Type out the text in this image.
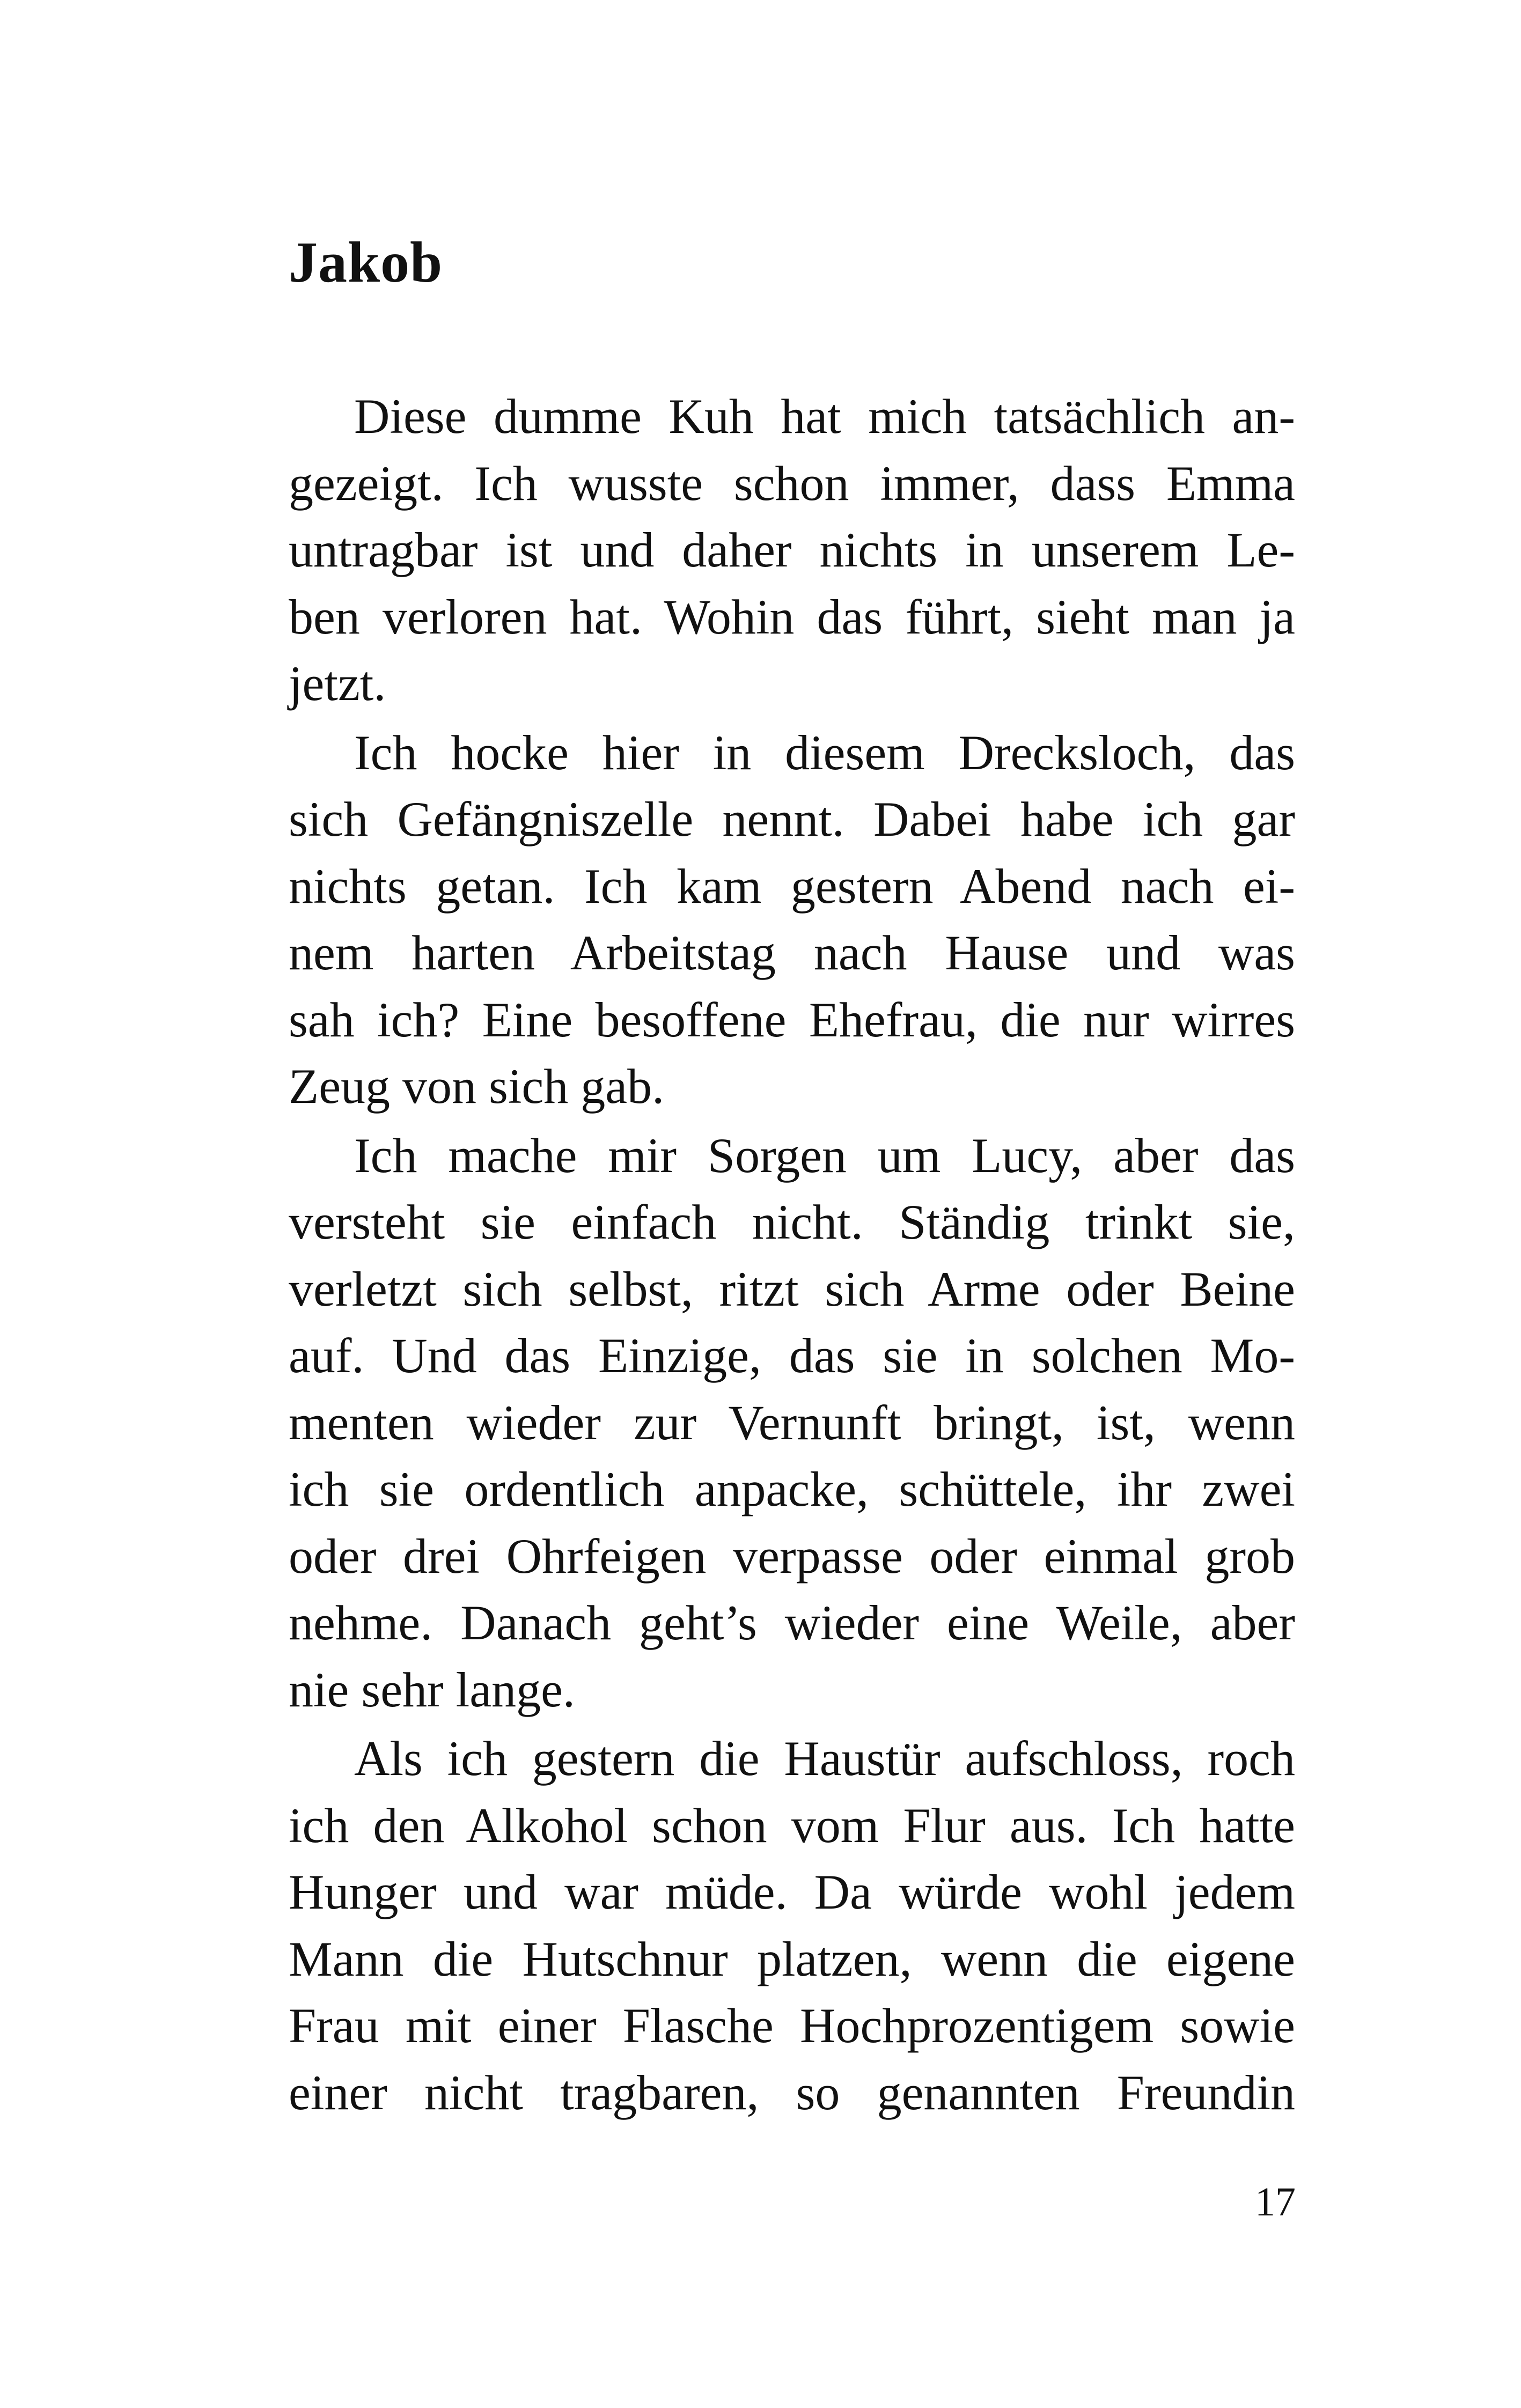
Jakob
Diese dumme Kuh hat mich tatsächlich an-
gezeigt. Ich wusste schon immer, dass Emma
untragbar ist und daher nichts in unserem Le-
ben verloren hat. Wohin das führt, sieht man ja
jetzt.
Ich hocke hier in diesem Drecksloch, das
sich Gefängniszelle nennt. Dabei habe ich gar
nichts getan. Ich kam gestern Abend nach ei-
nem harten Arbeitstag nach Hause und was
sah ich? Eine besoffene Ehefrau, die nur wirres
Zeug von sich gab.
Ich mache mir Sorgen um Lucy, aber das
versteht sie einfach nicht. Ständig trinkt sie,
verletzt sich selbst, ritzt sich Arme oder Beine
auf. Und das Einzige, das sie in solchen Mo-
menten wieder zur Vernunft bringt, ist, wenn
ich sie ordentlich anpacke, schüttele, ihr zwei
oder drei Ohrfeigen verpasse oder einmal grob
nehme. Danach geht’s wieder eine Weile, aber
nie sehr lange.
Als ich gestern die Haustür aufschloss, roch
ich den Alkohol schon vom Flur aus. Ich hatte
Hunger und war müde. Da würde wohl jedem
Mann die Hutschnur platzen, wenn die eigene
Frau mit einer Flasche Hochprozentigem sowie
einer nicht tragbaren, so genannten Freundin
17
